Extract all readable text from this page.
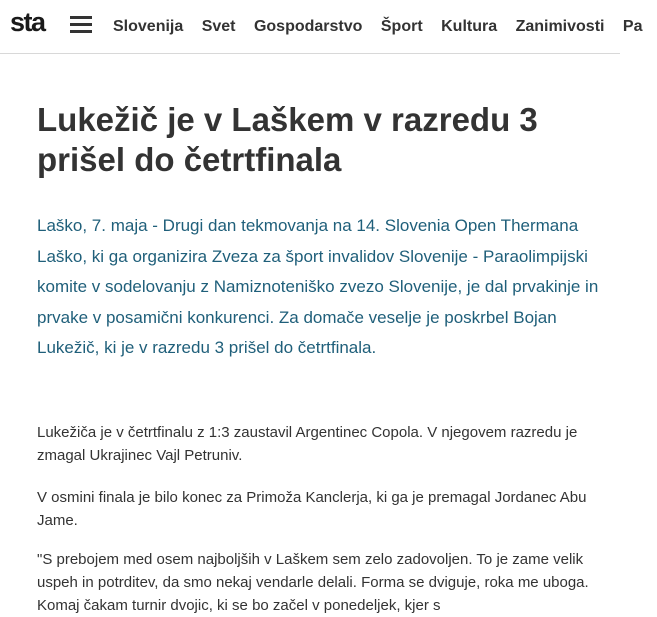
sta	Slovenija Svet Gospodarstvo Šport Kultura Zanimivosti Pa
Lukežič je v Laškem v razredu 3 prišel do četrtfinala

Laško, 7. maja - Drugi dan tekmovanja na 14. Slovenia Open Thermana Laško, ki ga organizira Zveza za šport invalidov Slovenije - Paraolimpijski komite v sodelovanju z Namiznoteniško zvezo Slovenije, je dal prvakinje in prvake v posamični konkurenci. Za domače veselje je poskrbel Bojan Lukežič, ki je v razredu 3 prišel do četrtfinala.

Lukežiča je v četrtfinalu z 1:3 zaustavil Argentinec Copola. V njegovem razredu je zmagal Ukrajinec Vajl Petruniv.

V osmini finala je bilo konec za Primoža Kanclerja, ki ga je premagal Jordanec Abu Jame.

"S prebojem med osem najboljših v Laškem sem zelo zadovoljen. To je zame velik uspeh in potrditev, da smo nekaj vendarle delali. Forma se dviguje, roka me uboga. Komaj čakam turnir dvojic, ki se bo začel v ponedeljek, kjer s
